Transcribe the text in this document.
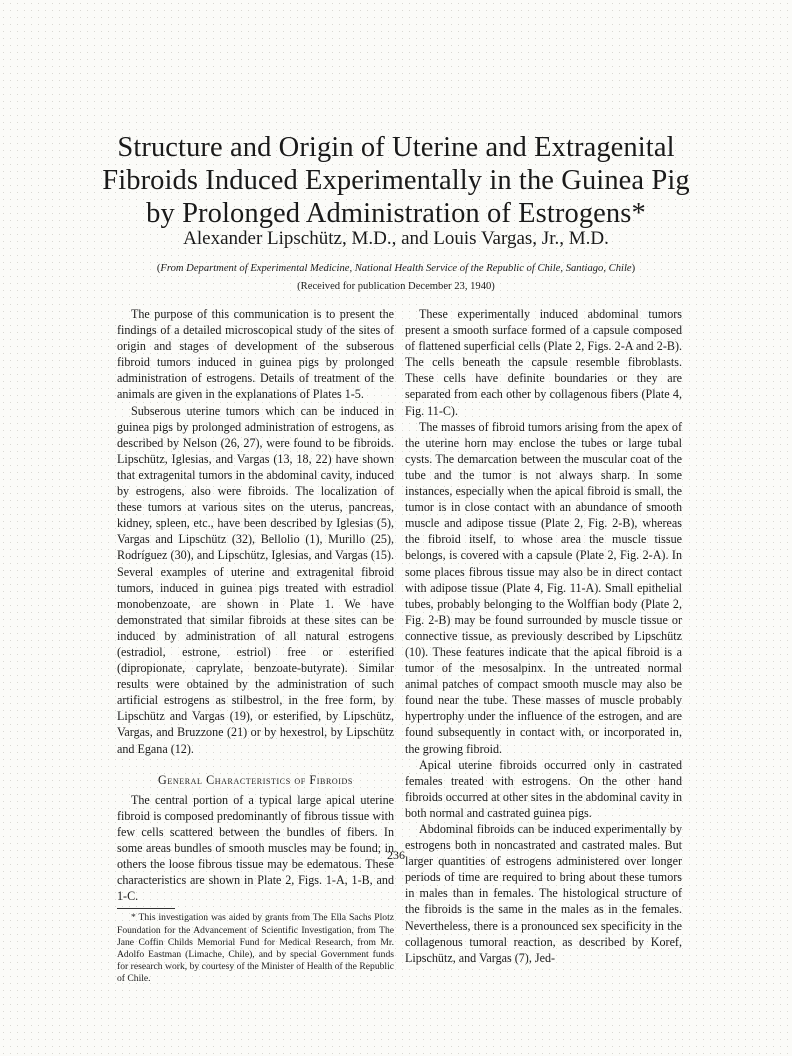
Structure and Origin of Uterine and Extragenital Fibroids Induced Experimentally in the Guinea Pig by Prolonged Administration of Estrogens*

Alexander Lipschütz, M.D., and Louis Vargas, Jr., M.D.

(From Department of Experimental Medicine, National Health Service of the Republic of Chile, Santiago, Chile)

(Received for publication December 23, 1940)

The purpose of this communication is to present the findings of a detailed microscopical study of the sites of origin and stages of development of the subserous fibroid tumors induced in guinea pigs by prolonged administration of estrogens. Details of treatment of the animals are given in the explanations of Plates 1-5.

Subserous uterine tumors which can be induced in guinea pigs by prolonged administration of estrogens, as described by Nelson (26, 27), were found to be fibroids. Lipschütz, Iglesias, and Vargas (13, 18, 22) have shown that extragenital tumors in the abdominal cavity, induced by estrogens, also were fibroids. The localization of these tumors at various sites on the uterus, pancreas, kidney, spleen, etc., have been described by Iglesias (5), Vargas and Lipschütz (32), Bellolio (1), Murillo (25), Rodríguez (30), and Lipschütz, Iglesias, and Vargas (15). Several examples of uterine and extragenital fibroid tumors, induced in guinea pigs treated with estradiol monobenzoate, are shown in Plate 1. We have demonstrated that similar fibroids at these sites can be induced by administration of all natural estrogens (estradiol, estrone, estriol) free or esterified (dipropionate, caprylate, benzoate-butyrate). Similar results were obtained by the administration of such artificial estrogens as stilbestrol, in the free form, by Lipschütz and Vargas (19), or esterified, by Lipschütz, Vargas, and Bruzzone (21) or by hexestrol, by Lipschütz and Egana (12).

General Characteristics of Fibroids

The central portion of a typical large apical uterine fibroid is composed predominantly of fibrous tissue with few cells scattered between the bundles of fibers. In some areas bundles of smooth muscles may be found; in others the loose fibrous tissue may be edematous. These characteristics are shown in Plate 2, Figs. 1-A, 1-B, and 1-C.

* This investigation was aided by grants from The Ella Sachs Plotz Foundation for the Advancement of Scientific Investigation, from The Jane Coffin Childs Memorial Fund for Medical Research, from Mr. Adolfo Eastman (Limache, Chile), and by special Government funds for research work, by courtesy of the Minister of Health of the Republic of Chile.

These experimentally induced abdominal tumors present a smooth surface formed of a capsule composed of flattened superficial cells (Plate 2, Figs. 2-A and 2-B). The cells beneath the capsule resemble fibroblasts. These cells have definite boundaries or they are separated from each other by collagenous fibers (Plate 4, Fig. 11-C).

The masses of fibroid tumors arising from the apex of the uterine horn may enclose the tubes or large tubal cysts. The demarcation between the muscular coat of the tube and the tumor is not always sharp. In some instances, especially when the apical fibroid is small, the tumor is in close contact with an abundance of smooth muscle and adipose tissue (Plate 2, Fig. 2-B), whereas the fibroid itself, to whose area the muscle tissue belongs, is covered with a capsule (Plate 2, Fig. 2-A). In some places fibrous tissue may also be in direct contact with adipose tissue (Plate 4, Fig. 11-A). Small epithelial tubes, probably belonging to the Wolffian body (Plate 2, Fig. 2-B) may be found surrounded by muscle tissue or connective tissue, as previously described by Lipschütz (10). These features indicate that the apical fibroid is a tumor of the mesosalpinx. In the untreated normal animal patches of compact smooth muscle may also be found near the tube. These masses of muscle probably hypertrophy under the influence of the estrogen, and are found subsequently in contact with, or incorporated in, the growing fibroid.

Apical uterine fibroids occurred only in castrated females treated with estrogens. On the other hand fibroids occurred at other sites in the abdominal cavity in both normal and castrated guinea pigs.

Abdominal fibroids can be induced experimentally by estrogens both in noncastrated and castrated males. But larger quantities of estrogens administered over longer periods of time are required to bring about these tumors in males than in females. The histological structure of the fibroids is the same in the males as in the females. Nevertheless, there is a pronounced sex specificity in the collagenous tumoral reaction, as described by Koref, Lipschütz, and Vargas (7), Jed-

236
